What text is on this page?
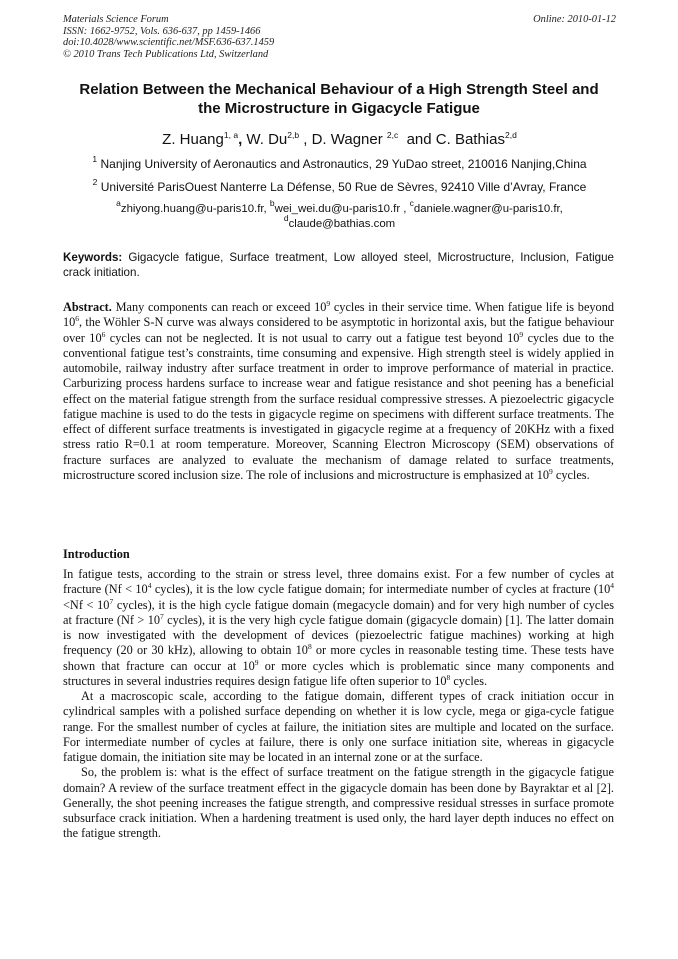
Materials Science Forum
ISSN: 1662-9752, Vols. 636-637, pp 1459-1466
doi:10.4028/www.scientific.net/MSF.636-637.1459
© 2010 Trans Tech Publications Ltd, Switzerland
Online: 2010-01-12
Relation Between the Mechanical Behaviour of a High Strength Steel and
the Microstructure in Gigacycle Fatigue
Z. Huang$^{1, a}$, W. Du$^{2,b}$ , D. Wagner $^{2,c}$  and C. Bathias$^{2,d}$
$^1$ Nanjing University of Aeronautics and Astronautics, 29 YuDao street, 210016 Nanjing,China
$^2$ Université ParisOuest Nanterre La Défense, 50 Rue de Sèvres, 92410 Ville d’Avray, France
$^a$zhiyong.huang@u-paris10.fr, $^b$wei_wei.du@u-paris10.fr , $^c$daniele.wagner@u-paris10.fr,
$^d$claude@bathias.com
Keywords: Gigacycle fatigue, Surface treatment, Low alloyed steel, Microstructure, Inclusion, Fatigue crack initiation.
Abstract. Many components can reach or exceed $10^9$ cycles in their service time. When fatigue life is beyond $10^6$, the Wöhler S-N curve was always considered to be asymptotic in horizontal axis, but the fatigue behaviour over $10^6$ cycles can not be neglected. It is not usual to carry out a fatigue test beyond $10^9$ cycles due to the conventional fatigue test’s constraints, time consuming and expensive. High strength steel is widely applied in automobile, railway industry after surface treatment in order to improve performance of material in practice. Carburizing process hardens surface to increase wear and fatigue resistance and shot peening has a beneficial effect on the material fatigue strength from the surface residual compressive stresses. A piezoelectric gigacycle fatigue machine is used to do the tests in gigacycle regime on specimens with different surface treatments. The effect of different surface treatments is investigated in gigacycle regime at a frequency of 20KHz with a fixed stress ratio R=0.1 at room temperature. Moreover, Scanning Electron Microscopy (SEM) observations of fracture surfaces are analyzed to evaluate the mechanism of damage related to surface treatments, microstructure scored inclusion size. The role of inclusions and microstructure is emphasized at $10^9$ cycles.
Introduction

In fatigue tests, according to the strain or stress level, three domains exist. For a few number of cycles at fracture ($Nf < 10^4$ cycles), it is the low cycle fatigue domain; for intermediate number of cycles at fracture ($10^4 <Nf < 10^7$ cycles), it is the high cycle fatigue domain (megacycle domain) and for very high number of cycles at fracture ($Nf > 10^7$ cycles), it is the very high cycle fatigue domain (gigacycle domain) [1]. The latter domain is now investigated with the development of devices (piezoelectric fatigue machines) working at high frequency (20 or 30 kHz), allowing to obtain $10^8$ or more cycles in reasonable testing time. These tests have shown that fracture can occur at $10^9$ or more cycles which is problematic since many components and structures in several industries requires design fatigue life often superior to $10^8$ cycles.

At a macroscopic scale, according to the fatigue domain, different types of crack initiation occur in cylindrical samples with a polished surface depending on whether it is low cycle, mega or giga-cycle fatigue range. For the smallest number of cycles at failure, the initiation sites are multiple and located on the surface. For intermediate number of cycles at failure, there is only one surface initiation site, whereas in gigacycle fatigue domain, the initiation site may be located in an internal zone or at the surface.

So, the problem is: what is the effect of surface treatment on the fatigue strength in the gigacycle fatigue domain? A review of the surface treatment effect in the gigacycle domain has been done by Bayraktar et al [2]. Generally, the shot peening increases the fatigue strength, and compressive residual stresses in surface promote subsurface crack initiation. When a hardening treatment is used only, the hard layer depth induces no effect on the fatigue strength.
